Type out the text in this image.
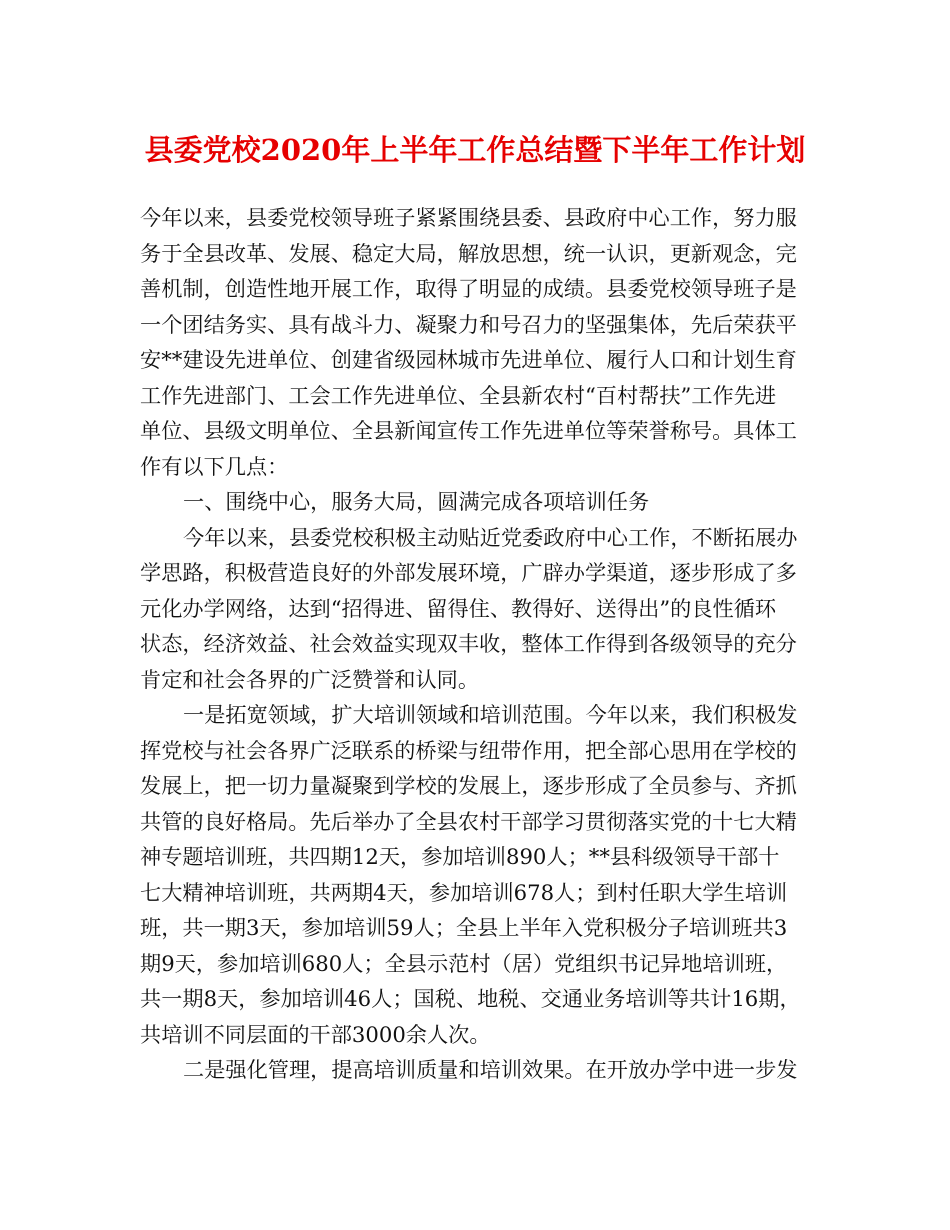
县委党校2020年上半年工作总结暨下半年工作计划
今年以来，县委党校领导班子紧紧围绕县委、县政府中心工作，努力服
务于全县改革、发展、稳定大局，解放思想，统一认识，更新观念，完
善机制，创造性地开展工作，取得了明显的成绩。县委党校领导班子是
一个团结务实、具有战斗力、凝聚力和号召力的坚强集体，先后荣获平
安**建设先进单位、创建省级园林城市先进单位、履行人口和计划生育
工作先进部门、工会工作先进单位、全县新农村“百村帮扶”工作先进
单位、县级文明单位、全县新闻宣传工作先进单位等荣誉称号。具体工
作有以下几点：
一、围绕中心，服务大局，圆满完成各项培训任务
今年以来，县委党校积极主动贴近党委政府中心工作，不断拓展办
学思路，积极营造良好的外部发展环境，广辟办学渠道，逐步形成了多
元化办学网络，达到“招得进、留得住、教得好、送得出”的良性循环
状态，经济效益、社会效益实现双丰收，整体工作得到各级领导的充分
肯定和社会各界的广泛赞誉和认同。
一是拓宽领域，扩大培训领域和培训范围。今年以来，我们积极发
挥党校与社会各界广泛联系的桥梁与纽带作用，把全部心思用在学校的
发展上，把一切力量凝聚到学校的发展上，逐步形成了全员参与、齐抓
共管的良好格局。先后举办了全县农村干部学习贯彻落实党的十七大精
神专题培训班，共四期12天，参加培训890人；**县科级领导干部十
七大精神培训班，共两期4天，参加培训678人；到村任职大学生培训
班，共一期3天，参加培训59人；全县上半年入党积极分子培训班共3
期9天，参加培训680人；全县示范村（居）党组织书记异地培训班，
共一期8天，参加培训46人；国税、地税、交通业务培训等共计16期，
共培训不同层面的干部3000余人次。
二是强化管理，提高培训质量和培训效果。在开放办学中进一步发
